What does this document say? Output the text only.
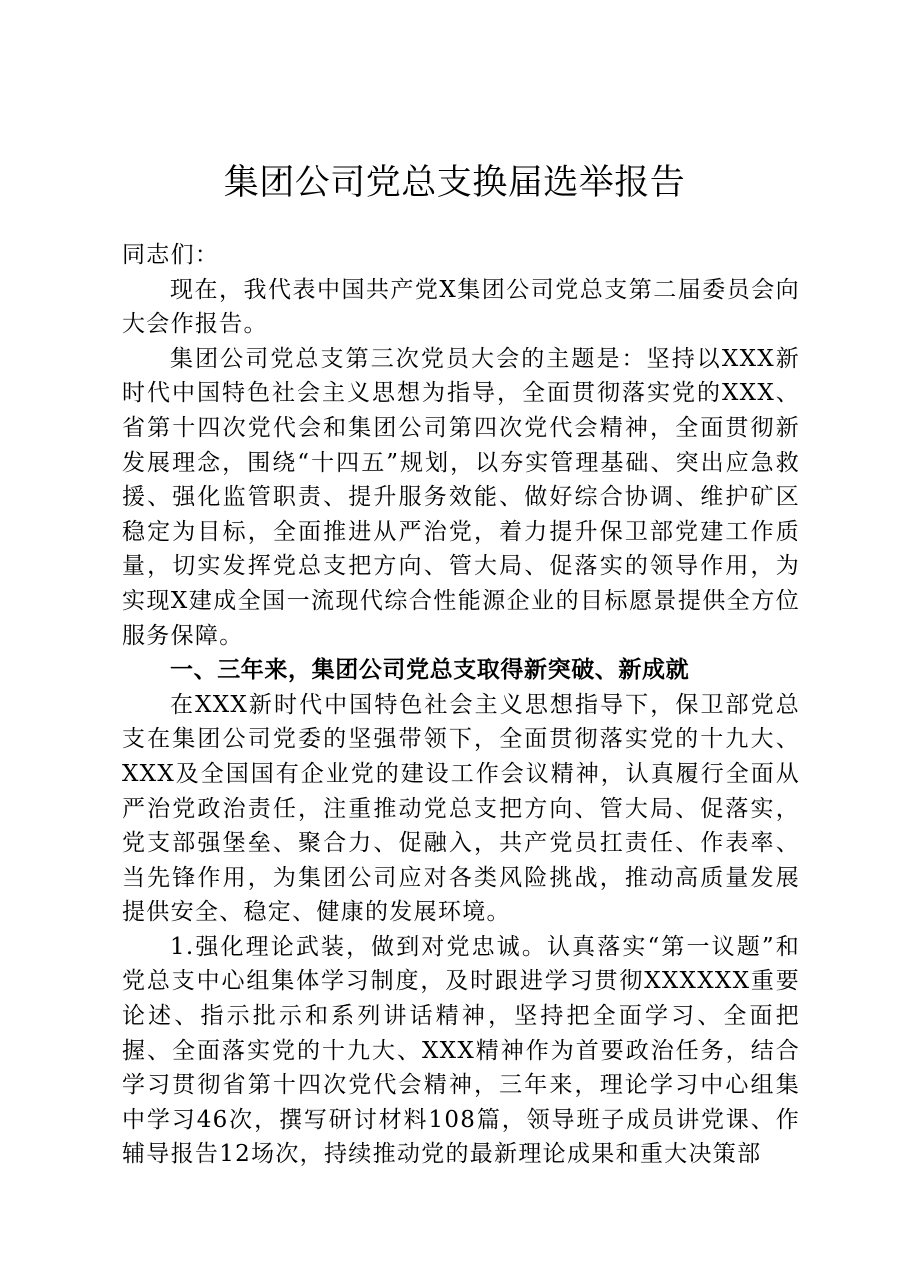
集团公司党总支换届选举报告

同志们：

现在，我代表中国共产党X集团公司党总支第二届委员会向大会作报告。

集团公司党总支第三次党员大会的主题是：坚持以XXX新时代中国特色社会主义思想为指导，全面贯彻落实党的XXX、省第十四次党代会和集团公司第四次党代会精神，全面贯彻新发展理念，围绕“十四五”规划，以夯实管理基础、突出应急救援、强化监管职责、提升服务效能、做好综合协调、维护矿区稳定为目标，全面推进从严治党，着力提升保卫部党建工作质量，切实发挥党总支把方向、管大局、促落实的领导作用，为实现X建成全国一流现代综合性能源企业的目标愿景提供全方位服务保障。

一、三年来，集团公司党总支取得新突破、新成就

在XXX新时代中国特色社会主义思想指导下，保卫部党总支在集团公司党委的坚强带领下，全面贯彻落实党的十九大、XXX及全国国有企业党的建设工作会议精神，认真履行全面从严治党政治责任，注重推动党总支把方向、管大局、促落实，党支部强堡垒、聚合力、促融入，共产党员扛责任、作表率、当先锋作用，为集团公司应对各类风险挑战，推动高质量发展提供安全、稳定、健康的发展环境。

1.强化理论武装，做到对党忠诚。认真落实“第一议题”和党总支中心组集体学习制度，及时跟进学习贯彻XXXXXX重要论述、指示批示和系列讲话精神，坚持把全面学习、全面把握、全面落实党的十九大、XXX精神作为首要政治任务，结合学习贯彻省第十四次党代会精神，三年来，理论学习中心组集中学习46次，撰写研讨材料108篇，领导班子成员讲党课、作辅导报告12场次，持续推动党的最新理论成果和重大决策部
